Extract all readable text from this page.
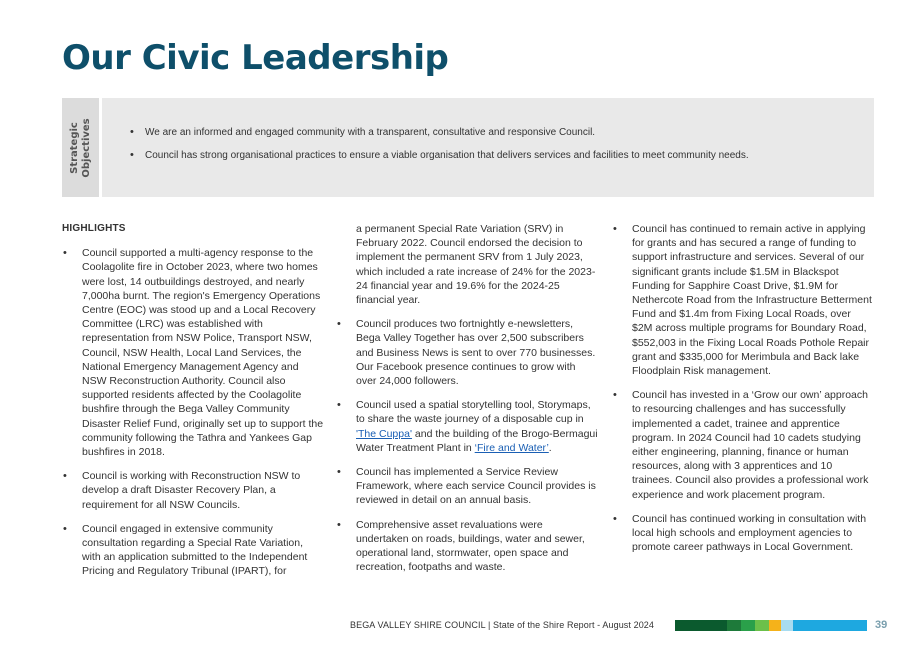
Our Civic Leadership
Strategic Objectives
•	We are an informed and engaged community with a transparent, consultative and responsive Council.
• Council has strong organisational practices to ensure a viable organisation that delivers services and facilities to meet community needs.
HIGHLIGHTS
• Council supported a multi-agency response to the Coolagolite fire in October 2023, where two homes were lost, 14 outbuildings destroyed, and nearly 7,000ha burnt. The region's Emergency Operations Centre (EOC) was stood up and a Local Recovery Committee (LRC) was established with representation from NSW Police, Transport NSW, Council, NSW Health, Local Land Services, the National Emergency Management Agency and NSW Reconstruction Authority. Council also supported residents affected by the Coolagolite bushfire through the Bega Valley Community Disaster Relief Fund, originally set up to support the community following the Tathra and Yankees Gap bushfires in 2018.
• Council is working with Reconstruction NSW to develop a draft Disaster Recovery Plan, a requirement for all NSW Councils.
• Council engaged in extensive community consultation regarding a Special Rate Variation, with an application submitted to the Independent Pricing and Regulatory Tribunal (IPART), for
a permanent Special Rate Variation (SRV) in February 2022. Council endorsed the decision to implement the permanent SRV from 1 July 2023, which included a rate increase of 24% for the 2023-24 financial year and 19.6% for the 2024-25 financial year.
• Council produces two fortnightly e-newsletters, Bega Valley Together has over 2,500 subscribers and Business News is sent to over 770 businesses. Our Facebook presence continues to grow with over 24,000 followers.
• Council used a spatial storytelling tool, Storymaps, to share the waste journey of a disposable cup in 'The Cuppa' and the building of the Brogo-Bermagui Water Treatment Plant in ‘Fire and Water’.
• Council has implemented a Service Review Framework, where each service Council provides is reviewed in detail on an annual basis.
• Comprehensive asset revaluations were undertaken on roads, buildings, water and sewer, operational land, stormwater, open space and recreation, footpaths and waste.
• Council has continued to remain active in applying for grants and has secured a range of funding to support infrastructure and services. Several of our significant grants include $1.5M in Blackspot Funding for Sapphire Coast Drive, $1.9M for Nethercote Road from the Infrastructure Betterment Fund and $1.4m from Fixing Local Roads, over $2M across multiple programs for Boundary Road, $552,003 in the Fixing Local Roads Pothole Repair grant and $335,000 for Merimbula and Back lake Floodplain Risk management.
• Council has invested in a ‘Grow our own’ approach to resourcing challenges and has successfully implemented a cadet, trainee and apprentice program. In 2024 Council had 10 cadets studying either engineering, planning, finance or human resources, along with 3 apprentices and 10 trainees. Council also provides a professional work experience and work placement program.
• Council has continued working in consultation with local high schools and employment agencies to promote career pathways in Local Government.
BEGA VALLEY SHIRE COUNCIL | State of the Shire Report - August 2024	39
